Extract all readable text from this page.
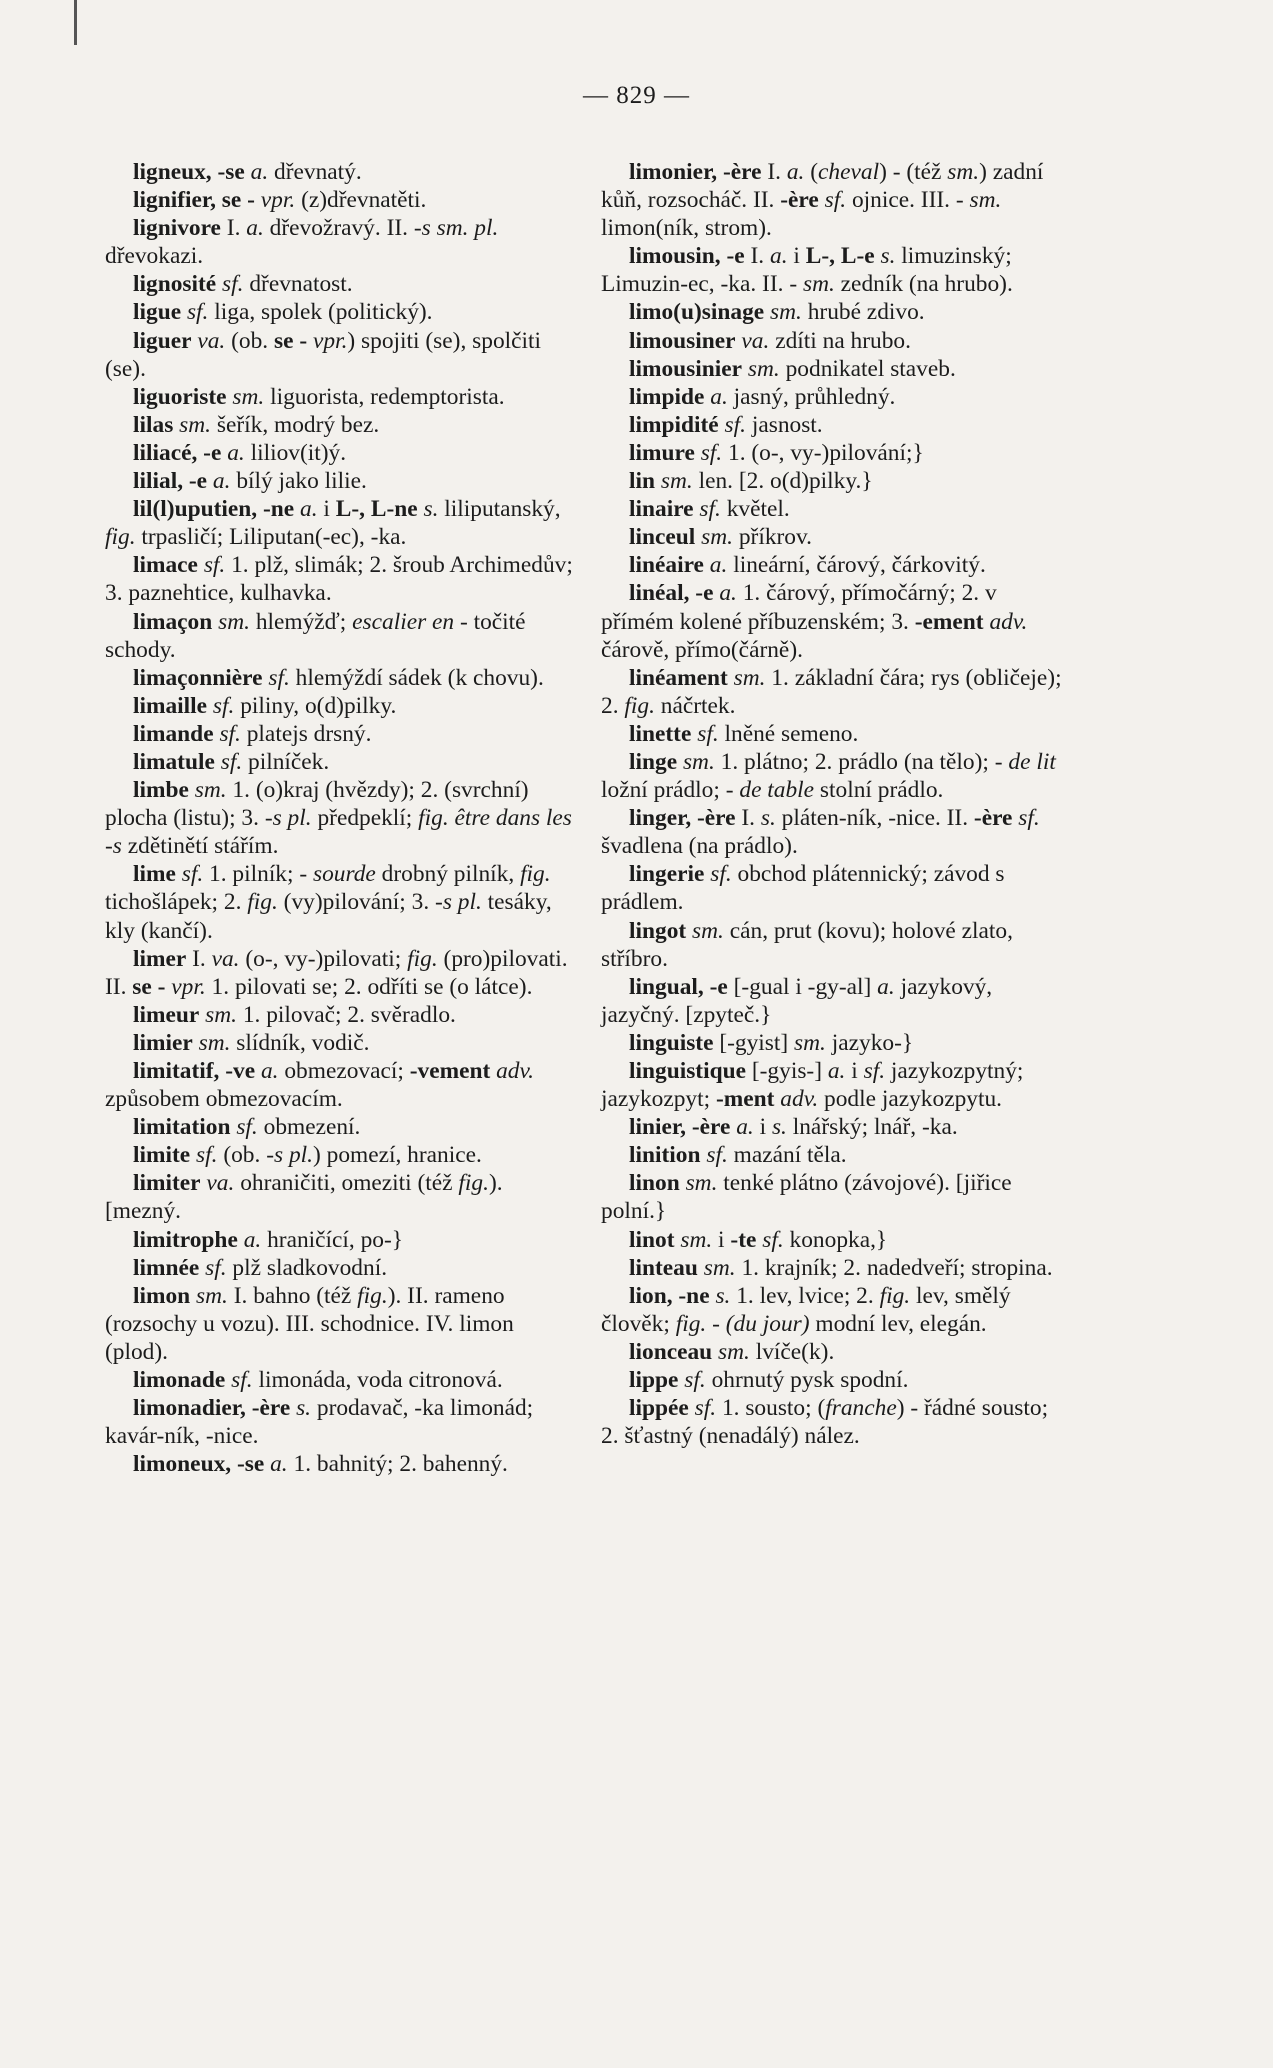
— 829 —
ligneux, -se a. dřevnatý.
lignifier, se - vpr. (z)dřevnatěti.
lignivore I. a. dřevožravý. II. -s sm. pl. dřevokazi.
lignosité sf. dřevnatost.
ligue sf. liga, spolek (politický).
liguer va. (ob. se - vpr.) spojiti (se), spolčiti (se).
liguoriste sm. liguorista, redemptorista.
lilas sm. šeřík, modrý bez.
liliacé, -e a. liliov(it)ý.
lilial, -e a. bílý jako lilie.
lil(l)uputien, -ne a. i L-, L-ne s. liliputanský, fig. trpasličí; Liliputan(-ec), -ka.
limace sf. 1. plž, slimák; 2. šroub Archimedův; 3. paznehtice, kulhavka.
limaçon sm. hlemýžď; escalier en - točité schody.
limaçonnière sf. hlemýždí sádek (k chovu).
limaille sf. piliny, o(d)pilky.
limande sf. platejs drsný.
limatule sf. pilníček.
limbe sm. 1. (o)kraj (hvězdy); 2. (svrchní) plocha (listu); 3. -s pl. předpeklí; fig. être dans les -s zdětinětí stářím.
lime sf. 1. pilník; - sourde drobný pilník, fig. tichošlápek; 2. fig. (vy)pilování; 3. -s pl. tesáky, kly (kančí).
limer I. va. (o-, vy-)pilovati; fig. (pro)pilovati. II. se - vpr. 1. pilovati se; 2. odříti se (o látce).
limeur sm. 1. pilovač; 2. svěradlo.
limier sm. slídník, vodič.
limitatif, -ve a. obmezovací; -vement adv. způsobem obmezovacím.
limitation sf. obmezení.
limite sf. (ob. -s pl.) pomezí, hranice.
limiter va. ohraničiti, omeziti (též fig.). [mezný.
limitrophe a. hraničící, po-}
limnée sf. plž sladkovodní.
limon sm. I. bahno (též fig.). II. rameno (rozsochy u vozu). III. schodnice. IV. limon (plod).
limonade sf. limonáda, voda citronová.
limonadier, -ère s. prodavač, -ka limonád; kavár-ník, -nice.
limoneux, -se a. 1. bahnitý; 2. bahenný.
limonier, -ère I. a. (cheval) - (též sm.) zadní kůň, rozsocháč. II. -ère sf. ojnice. III. - sm. limon(ník, strom).
limousin, -e I. a. i L-, L-e s. limuzinský; Limuzin-ec, -ka. II. - sm. zedník (na hrubo).
limo(u)sinage sm. hrubé zdivo.
limousiner va. zdíti na hrubo.
limousinier sm. podnikatel staveb.
limpide a. jasný, průhledný.
limpidité sf. jasnost.
limure sf. 1. (o-, vy-)pilování;}
lin sm. len. [2. o(d)pilky.}
linaire sf. květel.
linceul sm. příkrov.
linéaire a. lineární, čárový, čárkovitý.
linéal, -e a. 1. čárový, přímočárný; 2. v přímém kolené příbuzenském; 3. -ement adv. čárově, přímo(čárně).
linéament sm. 1. základní čára; rys (obličeje); 2. fig. náčrtek.
linette sf. lněné semeno.
linge sm. 1. plátno; 2. prádlo (na tělo); - de lit ložní prádlo; - de table stolní prádlo.
linger, -ère I. s. pláten-ník, -nice. II. -ère sf. švadlena (na prádlo).
lingerie sf. obchod plátennický; závod s prádlem.
lingot sm. cán, prut (kovu); holové zlato, stříbro.
lingual, -e [-gual i -gy-al] a. jazykový, jazyčný. [zpyteč.}
linguiste [-gyist] sm. jazyko-}
linguistique [-gyis-] a. i sf. jazykozpytný; jazykozpyt; -ment adv. podle jazykozpytu.
linier, -ère a. i s. lnářský; lnář, -ka.
linition sf. mazání těla.
linon sm. tenké plátno (závojové). [jiřice polní.}
linot sm. i -te sf. konopka,}
linteau sm. 1. krajník; 2. nadedveří; stropina.
lion, -ne s. 1. lev, lvice; 2. fig. lev, smělý člověk; fig. - (du jour) modní lev, elegán.
lionceau sm. lvíče(k).
lippe sf. ohrnutý pysk spodní.
lippée sf. 1. sousto; (franche) - řádné sousto; 2. šťastný (nenadálý) nález.
